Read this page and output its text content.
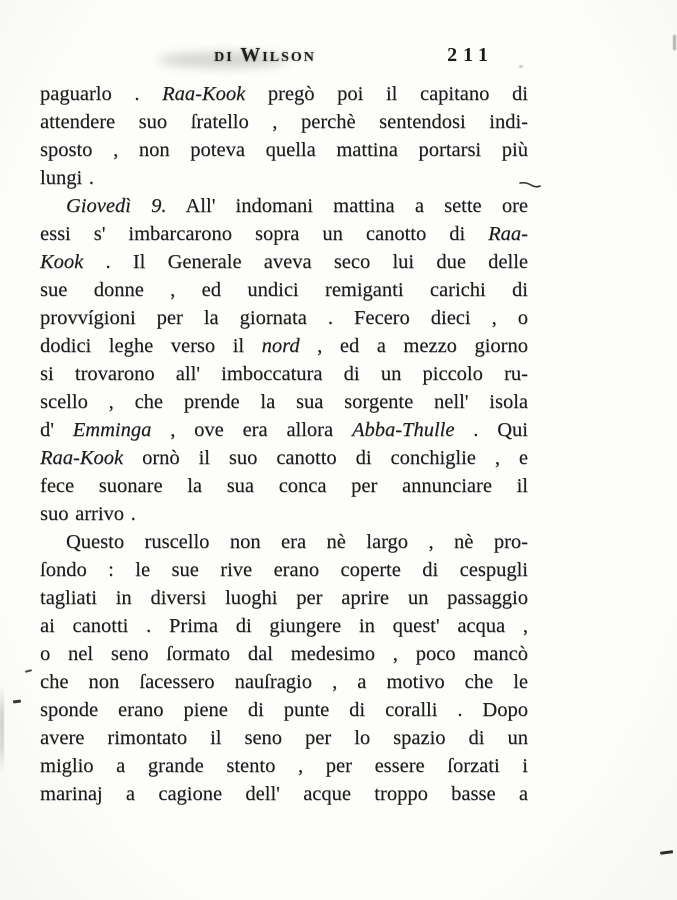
di Wilson	211
paguarlo . Raa-Kook pregò poi il capitano di
attendere suo ſratello , perchè sentendosi indi-
sposto , non poteva quella mattina portarsi più
lungi .
Giovedì 9. All' indomani mattina a sette ore
essi s' imbarcarono sopra un canotto di Raa-
Kook . Il Generale aveva seco lui due delle
sue donne , ed undici remiganti carichi di
provvígioni per la giornata . Fecero dieci , o
dodici leghe verso il nord , ed a mezzo giorno
si trovarono all' imboccatura di un piccolo ru-
scello , che prende la sua sorgente nell' isola
d' Emminga , ove era allora Abba-Thulle . Qui
Raa-Kook ornò il suo canotto di conchiglie , e
fece suonare la sua conca per annunciare il
suo arrivo .
Questo ruscello non era nè largo , nè pro-
ſondo : le sue rive erano coperte di cespugli
tagliati in diversi luoghi per aprire un passaggio
ai canotti . Prima di giungere in quest' acqua ,
o nel seno ſormato dal medesimo , poco mancò
che non ſacessero nauſragio , a motivo che le
sponde erano piene di punte di coralli . Dopo
avere rimontato il seno per lo spazio di un
miglio a grande stento , per essere ſorzati i
marinaj a cagione dell' acque troppo basse a
